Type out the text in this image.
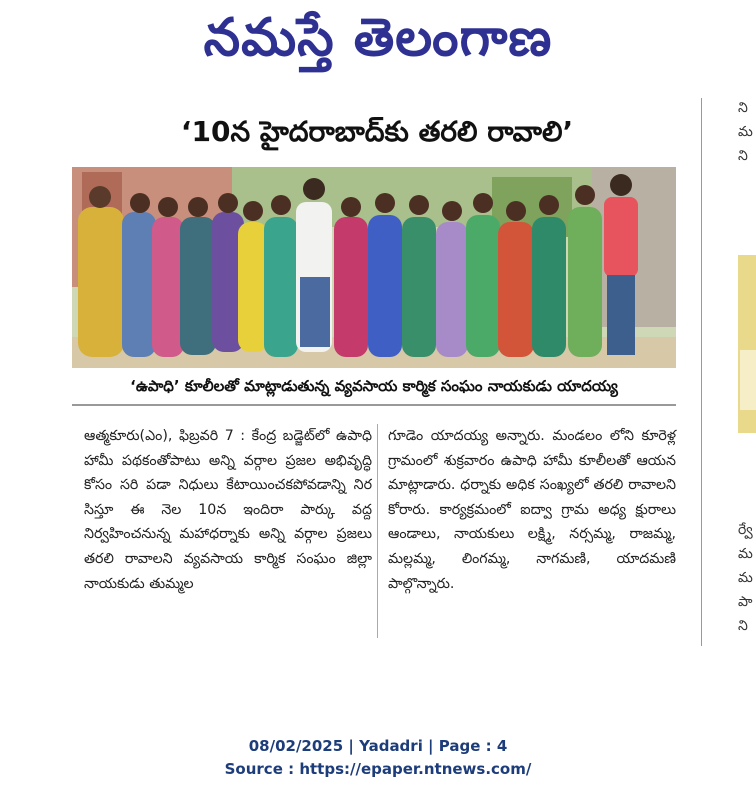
నమస్తే తెలంగాణ
ని
మ
ని
ర్వే
మ
మ
పా
ని
‘10న హైదరాబాద్‌కు తరలి రావాలి’
‘ఉపాధి’ కూలీలతో మాట్లాడుతున్న వ్యవసాయ కార్మిక సంఘం నాయకుడు యాదయ్య
ఆత్మకూరు(ఎం), ఫిబ్రవరి 7 : కేంద్ర బడ్జెట్‌లో ఉపాధి హామీ పథకంతోపాటు అన్ని వర్గాల ప్రజల అభివృద్ధి కోసం సరి పడా నిధులు కేటాయించకపోవడాన్ని నిర సిస్తూ ఈ నెల 10న ఇందిరా పార్కు వద్ద నిర్వహించనున్న మహాధర్నాకు అన్ని వర్గాల ప్రజలు తరలి రావాలని వ్యవసాయ కార్మిక సంఘం జిల్లా నాయకుడు తుమ్మల
గూడెం యాదయ్య అన్నారు. మండలం లోని కూరెళ్ల గ్రామంలో శుక్రవారం ఉపాధి హామీ కూలీలతో ఆయన మాట్లాడారు. ధర్నాకు అధిక సంఖ్యలో తరలి రావాలని కోరారు. కార్యక్రమంలో ఐద్వా గ్రామ అధ్య క్షురాలు ఆండాలు, నాయకులు లక్ష్మి, నర్సమ్మ, రాజమ్మ, మల్లమ్మ, లింగమ్మ, నాగమణి, యాదమణి పాల్గొన్నారు.
08/02/2025 | Yadadri | Page : 4
Source : https://epaper.ntnews.com/
